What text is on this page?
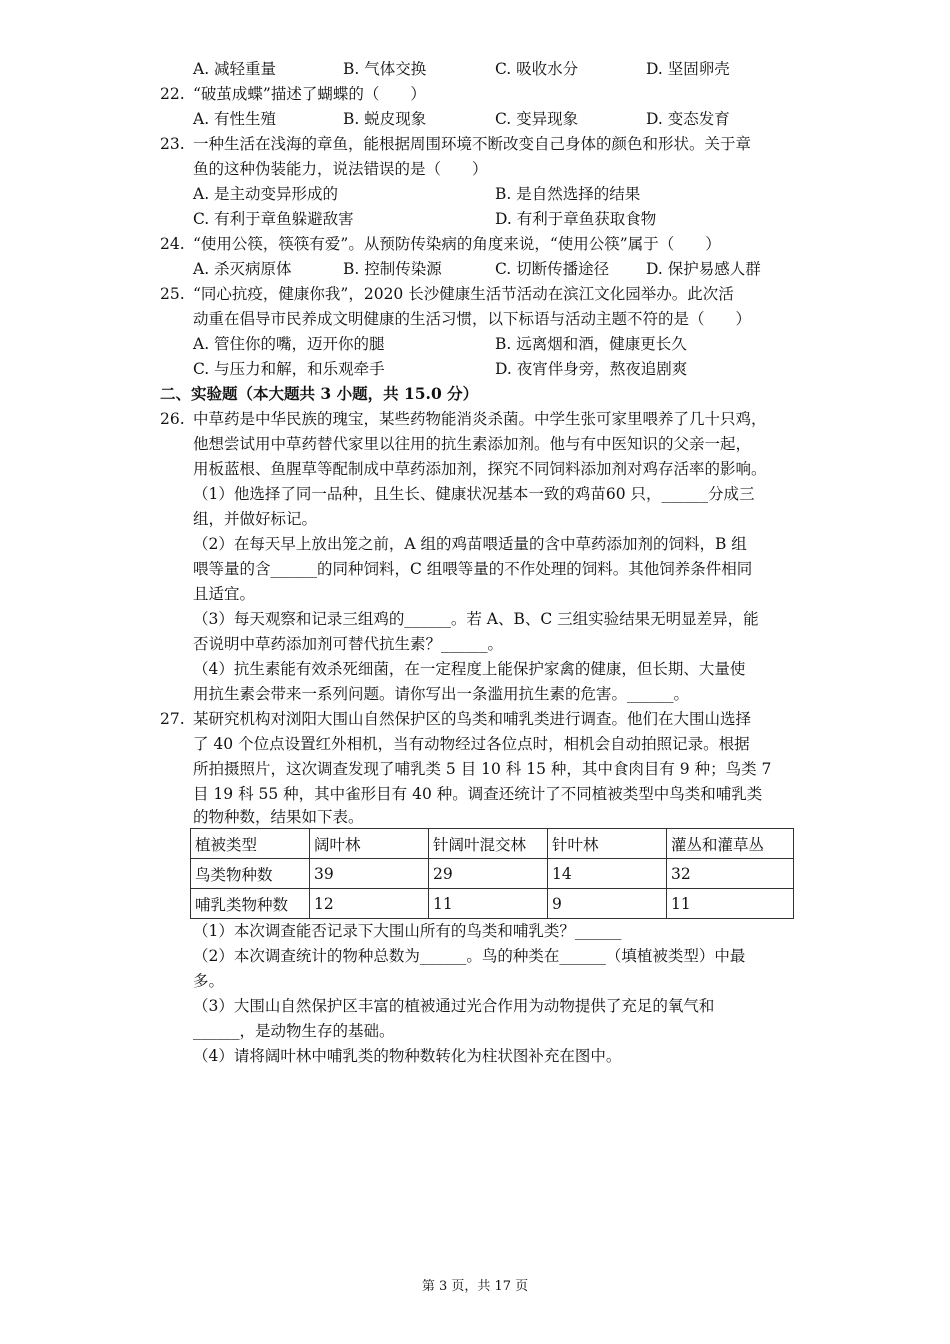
A. 减轻重量	B. 气体交换	C. 吸收水分	D. 坚固卵壳
22. “破茧成蝶”描述了蝴蝶的（　　）
A. 有性生殖	B. 蜕皮现象	C. 变异现象	D. 变态发育
23. 一种生活在浅海的章鱼，能根据周围环境不断改变自己身体的颜色和形状。关于章
鱼的这种伪装能力，说法错误的是（　　）
A. 是主动变异形成的	B. 是自然选择的结果
C. 有利于章鱼躲避敌害	D. 有利于章鱼获取食物
24. “使用公筷，筷筷有爱”。从预防传染病的角度来说，“使用公筷”属于（　　）
A. 杀灭病原体	B. 控制传染源	C. 切断传播途径 D. 保护易感人群
25. “同心抗疫，健康你我”，2020 长沙健康生活节活动在滨江文化园举办。此次活
动重在倡导市民养成文明健康的生活习惯，以下标语与活动主题不符的是（　　）
A. 管住你的嘴，迈开你的腿	B. 远离烟和酒，健康更长久
C. 与压力和解，和乐观牵手	D. 夜宵伴身旁，熬夜追剧爽
二、实验题（本大题共 3 小题，共 15.0 分）
26. 中草药是中华民族的瑰宝，某些药物能消炎杀菌。中学生张可家里喂养了几十只鸡，
他想尝试用中草药替代家里以往用的抗生素添加剂。他与有中医知识的父亲一起，
用板蓝根、鱼腥草等配制成中草药添加剂，探究不同饲料添加剂对鸡存活率的影响。
（1）他选择了同一品种，且生长、健康状况基本一致的鸡苗60 只，______分成三
组，并做好标记。
（2）在每天早上放出笼之前，A 组的鸡苗喂适量的含中草药添加剂的饲料，B 组
喂等量的含______的同种饲料，C 组喂等量的不作处理的饲料。其他饲养条件相同
且适宜。
（3）每天观察和记录三组鸡的______。若 A、B、C 三组实验结果无明显差异，能
否说明中草药添加剂可替代抗生素？______。
（4）抗生素能有效杀死细菌，在一定程度上能保护家禽的健康，但长期、大量使
用抗生素会带来一系列问题。请你写出一条滥用抗生素的危害。______。
27. 某研究机构对浏阳大围山自然保护区的鸟类和哺乳类进行调查。他们在大围山选择
了 40 个位点设置红外相机，当有动物经过各位点时，相机会自动拍照记录。根据
所拍摄照片，这次调查发现了哺乳类 5 目 10 科 15 种，其中食肉目有 9 种；鸟类 7
目 19 科 55 种，其中雀形目有 40 种。调查还统计了不同植被类型中鸟类和哺乳类
的物种数，结果如下表。
植被类型	阔叶林	针阔叶混交林	针叶林	灌丛和灌草丛
鸟类物种数	39	29	14	32
哺乳类物种数	12	11	9	11
（1）本次调查能否记录下大围山所有的鸟类和哺乳类？______
（2）本次调查统计的物种总数为______。鸟的种类在______（填植被类型）中最
多。
（3）大围山自然保护区丰富的植被通过光合作用为动物提供了充足的氧气和
______，是动物生存的基础。
（4）请将阔叶林中哺乳类的物种数转化为柱状图补充在图中。
第 3 页，共 17 页
